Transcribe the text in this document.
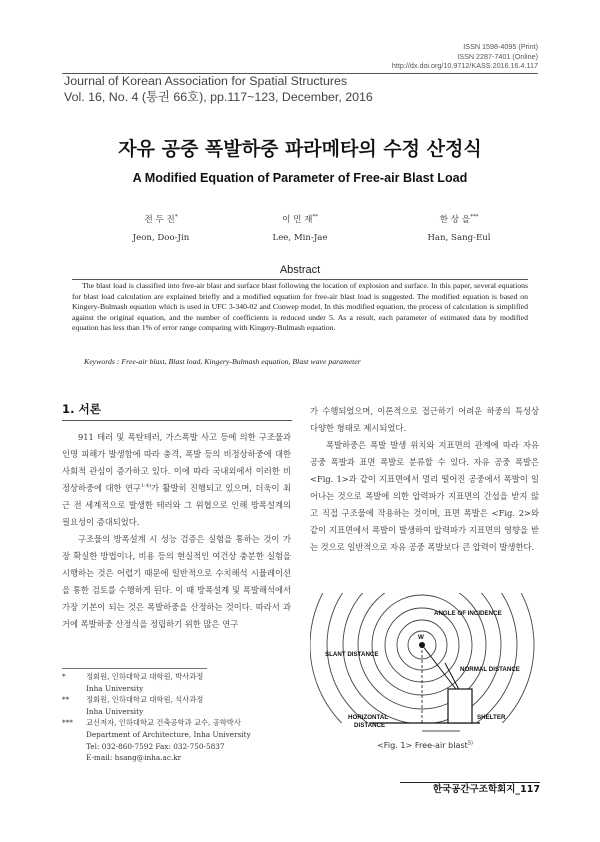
ISSN 1598-4095 (Print)
ISSN 2287-7401 (Online)
http://dx.doi.org/10.9712/KASS.2016.16.4.117
Journal of Korean Association for Spatial Structures
Vol. 16, No. 4 (통권 66호), pp.117~123, December, 2016
자유 공중 폭발하중 파라메타의 수정 산정식
A Modified Equation of Parameter of Free-air Blast Load
전 두 진*
Jeon, Doo-Jin
이 민 재**
Lee, Min-Jae
한 상 을***
Han, Sang-Eul
Abstract
The blast load is classified into free-air blast and surface blast following the location of explosion and surface. In this paper, several equations for blast load calculation are explained briefly and a modified equation for free-air blast load is suggested. The modified equation is based on Kingery-Bulmash equation which is used in UFC 3-340-02 and Conwep model. In this modified equation, the process of calculation is simplified against the original equation, and the number of coefficients is reduced under 5. As a result, each parameter of estimated data by modified equation has less than 1% of error range comparing with Kingery-Bulmash equation.
Keywords : Free-air blast, Blast load, Kingery-Bulmash equation, Blast wave parameter
1. 서론

911 테러 및 폭탄테러, 가스폭발 사고 등에 의한 구조물과 인명 피해가 발생함에 따라 충격, 폭발 등의 비정상하중에 대한 사회적 관심이 증가하고 있다. 이에 따라 국내외에서 이러한 비정상하중에 대한 연구$^{1-4)}$가 활발히 진행되고 있으며, 더욱이 최근 전 세계적으로 발생한 테러와 그 위협으로 인해 방폭설계의 필요성이 증대되었다.

구조물의 방폭설계 시 성능 검증은 실험을 통하는 것이 가장 확실한 방법이나, 비용 등의 현실적인 여건상 충분한 실험을 시행하는 것은 어렵기 때문에 일반적으로 수치해석 시뮬레이션을 통한 검토를 수행하게 된다. 이 때 방폭설계 및 폭발해석에서 가장 기본이 되는 것은 폭발하중을 산정하는 것이다. 따라서 과거에 폭발하중 산정식을 정립하기 위한 많은 연구

*	정회원, 인하대학교 대학원, 박사과정
Inha University
**	정회원, 인하대학교 대학원, 석사과정
Inha University
***	교신저자, 인하대학교 건축공학과 교수, 공학박사
Department of Architecture, Inha University
Tel: 032-860-7592 Fax: 032-750-5837
E-mail: hsang@inha.ac.kr

가 수행되었으며, 이론적으로 접근하기 어려운 하중의 특성상 다양한 형태로 제시되었다.

폭발하중은 폭발 발생 위치와 지표면의 관계에 따라 자유 공중 폭발과 표면 폭발로 분류할 수 있다. 자유 공중 폭발은 <Fig. 1>과 같이 지표면에서 멀리 떨어진 공중에서 폭발이 일어나는 것으로 폭발에 의한 압력파가 지표면의 간섭을 받지 않고 직접 구조물에 작용하는 것이며, 표면 폭발은 <Fig. 2>와 같이 지표면에서 폭발이 발생하여 압력파가 지표면의 영향을 받는 것으로 일반적으로 자유 공중 폭발보다 큰 압력이 발생한다.

W
ANGLE OF INCIDENCE
SLANT DISTANCE
NORMAL DISTANCE
HORIZONTAL
DISTANCE
SHELTER
<Fig. 1> Free-air blast$^{5)}$
한국공간구조학회지_117
